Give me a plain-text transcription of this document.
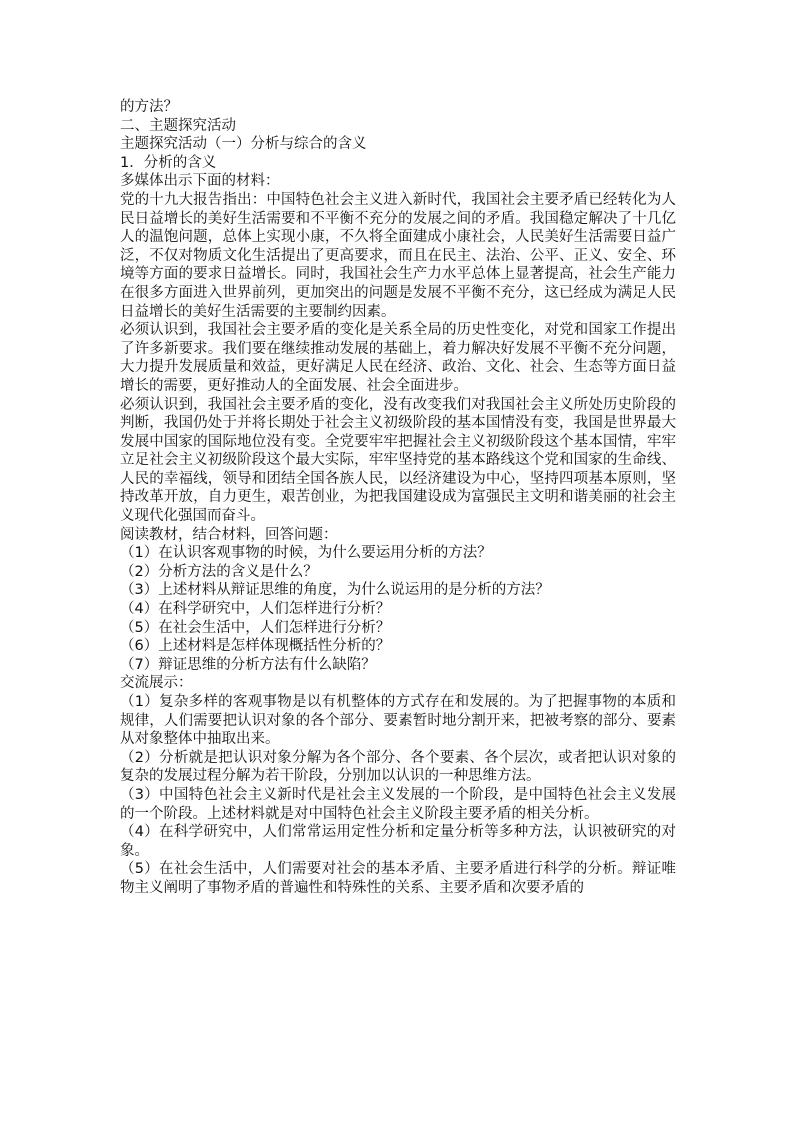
的方法？

二、主题探究活动

主题探究活动（一）分析与综合的含义

1．分析的含义

多媒体出示下面的材料：

党的十九大报告指出：中国特色社会主义进入新时代，我国社会主要矛盾已经转化为人民日益增长的美好生活需要和不平衡不充分的发展之间的矛盾。我国稳定解决了十几亿人的温饱问题，总体上实现小康，不久将全面建成小康社会，人民美好生活需要日益广泛，不仅对物质文化生活提出了更高要求，而且在民主、法治、公平、正义、安全、环境等方面的要求日益增长。同时，我国社会生产力水平总体上显著提高，社会生产能力在很多方面进入世界前列，更加突出的问题是发展不平衡不充分，这已经成为满足人民日益增长的美好生活需要的主要制约因素。

必须认识到，我国社会主要矛盾的变化是关系全局的历史性变化，对党和国家工作提出了许多新要求。我们要在继续推动发展的基础上，着力解决好发展不平衡不充分问题，大力提升发展质量和效益，更好满足人民在经济、政治、文化、社会、生态等方面日益增长的需要，更好推动人的全面发展、社会全面进步。

必须认识到，我国社会主要矛盾的变化，没有改变我们对我国社会主义所处历史阶段的判断，我国仍处于并将长期处于社会主义初级阶段的基本国情没有变，我国是世界最大发展中国家的国际地位没有变。全党要牢牢把握社会主义初级阶段这个基本国情，牢牢立足社会主义初级阶段这个最大实际，牢牢坚持党的基本路线这个党和国家的生命线、人民的幸福线，领导和团结全国各族人民，以经济建设为中心，坚持四项基本原则，坚持改革开放，自力更生，艰苦创业，为把我国建设成为富强民主文明和谐美丽的社会主义现代化强国而奋斗。

阅读教材，结合材料，回答问题：

（1）在认识客观事物的时候，为什么要运用分析的方法？

（2）分析方法的含义是什么？

（3）上述材料从辩证思维的角度，为什么说运用的是分析的方法？

（4）在科学研究中，人们怎样进行分析？

（5）在社会生活中，人们怎样进行分析？

（6）上述材料是怎样体现概括性分析的？

（7）辩证思维的分析方法有什么缺陷？

交流展示：

（1）复杂多样的客观事物是以有机整体的方式存在和发展的。为了把握事物的本质和规律，人们需要把认识对象的各个部分、要素暂时地分割开来，把被考察的部分、要素从对象整体中抽取出来。

（2）分析就是把认识对象分解为各个部分、各个要素、各个层次，或者把认识对象的复杂的发展过程分解为若干阶段，分别加以认识的一种思维方法。

（3）中国特色社会主义新时代是社会主义发展的一个阶段，是中国特色社会主义发展的一个阶段。上述材料就是对中国特色社会主义阶段主要矛盾的相关分析。

（4）在科学研究中，人们常常运用定性分析和定量分析等多种方法，认识被研究的对象。

（5）在社会生活中，人们需要对社会的基本矛盾、主要矛盾进行科学的分析。辩证唯物主义阐明了事物矛盾的普遍性和特殊性的关系、主要矛盾和次要矛盾的
